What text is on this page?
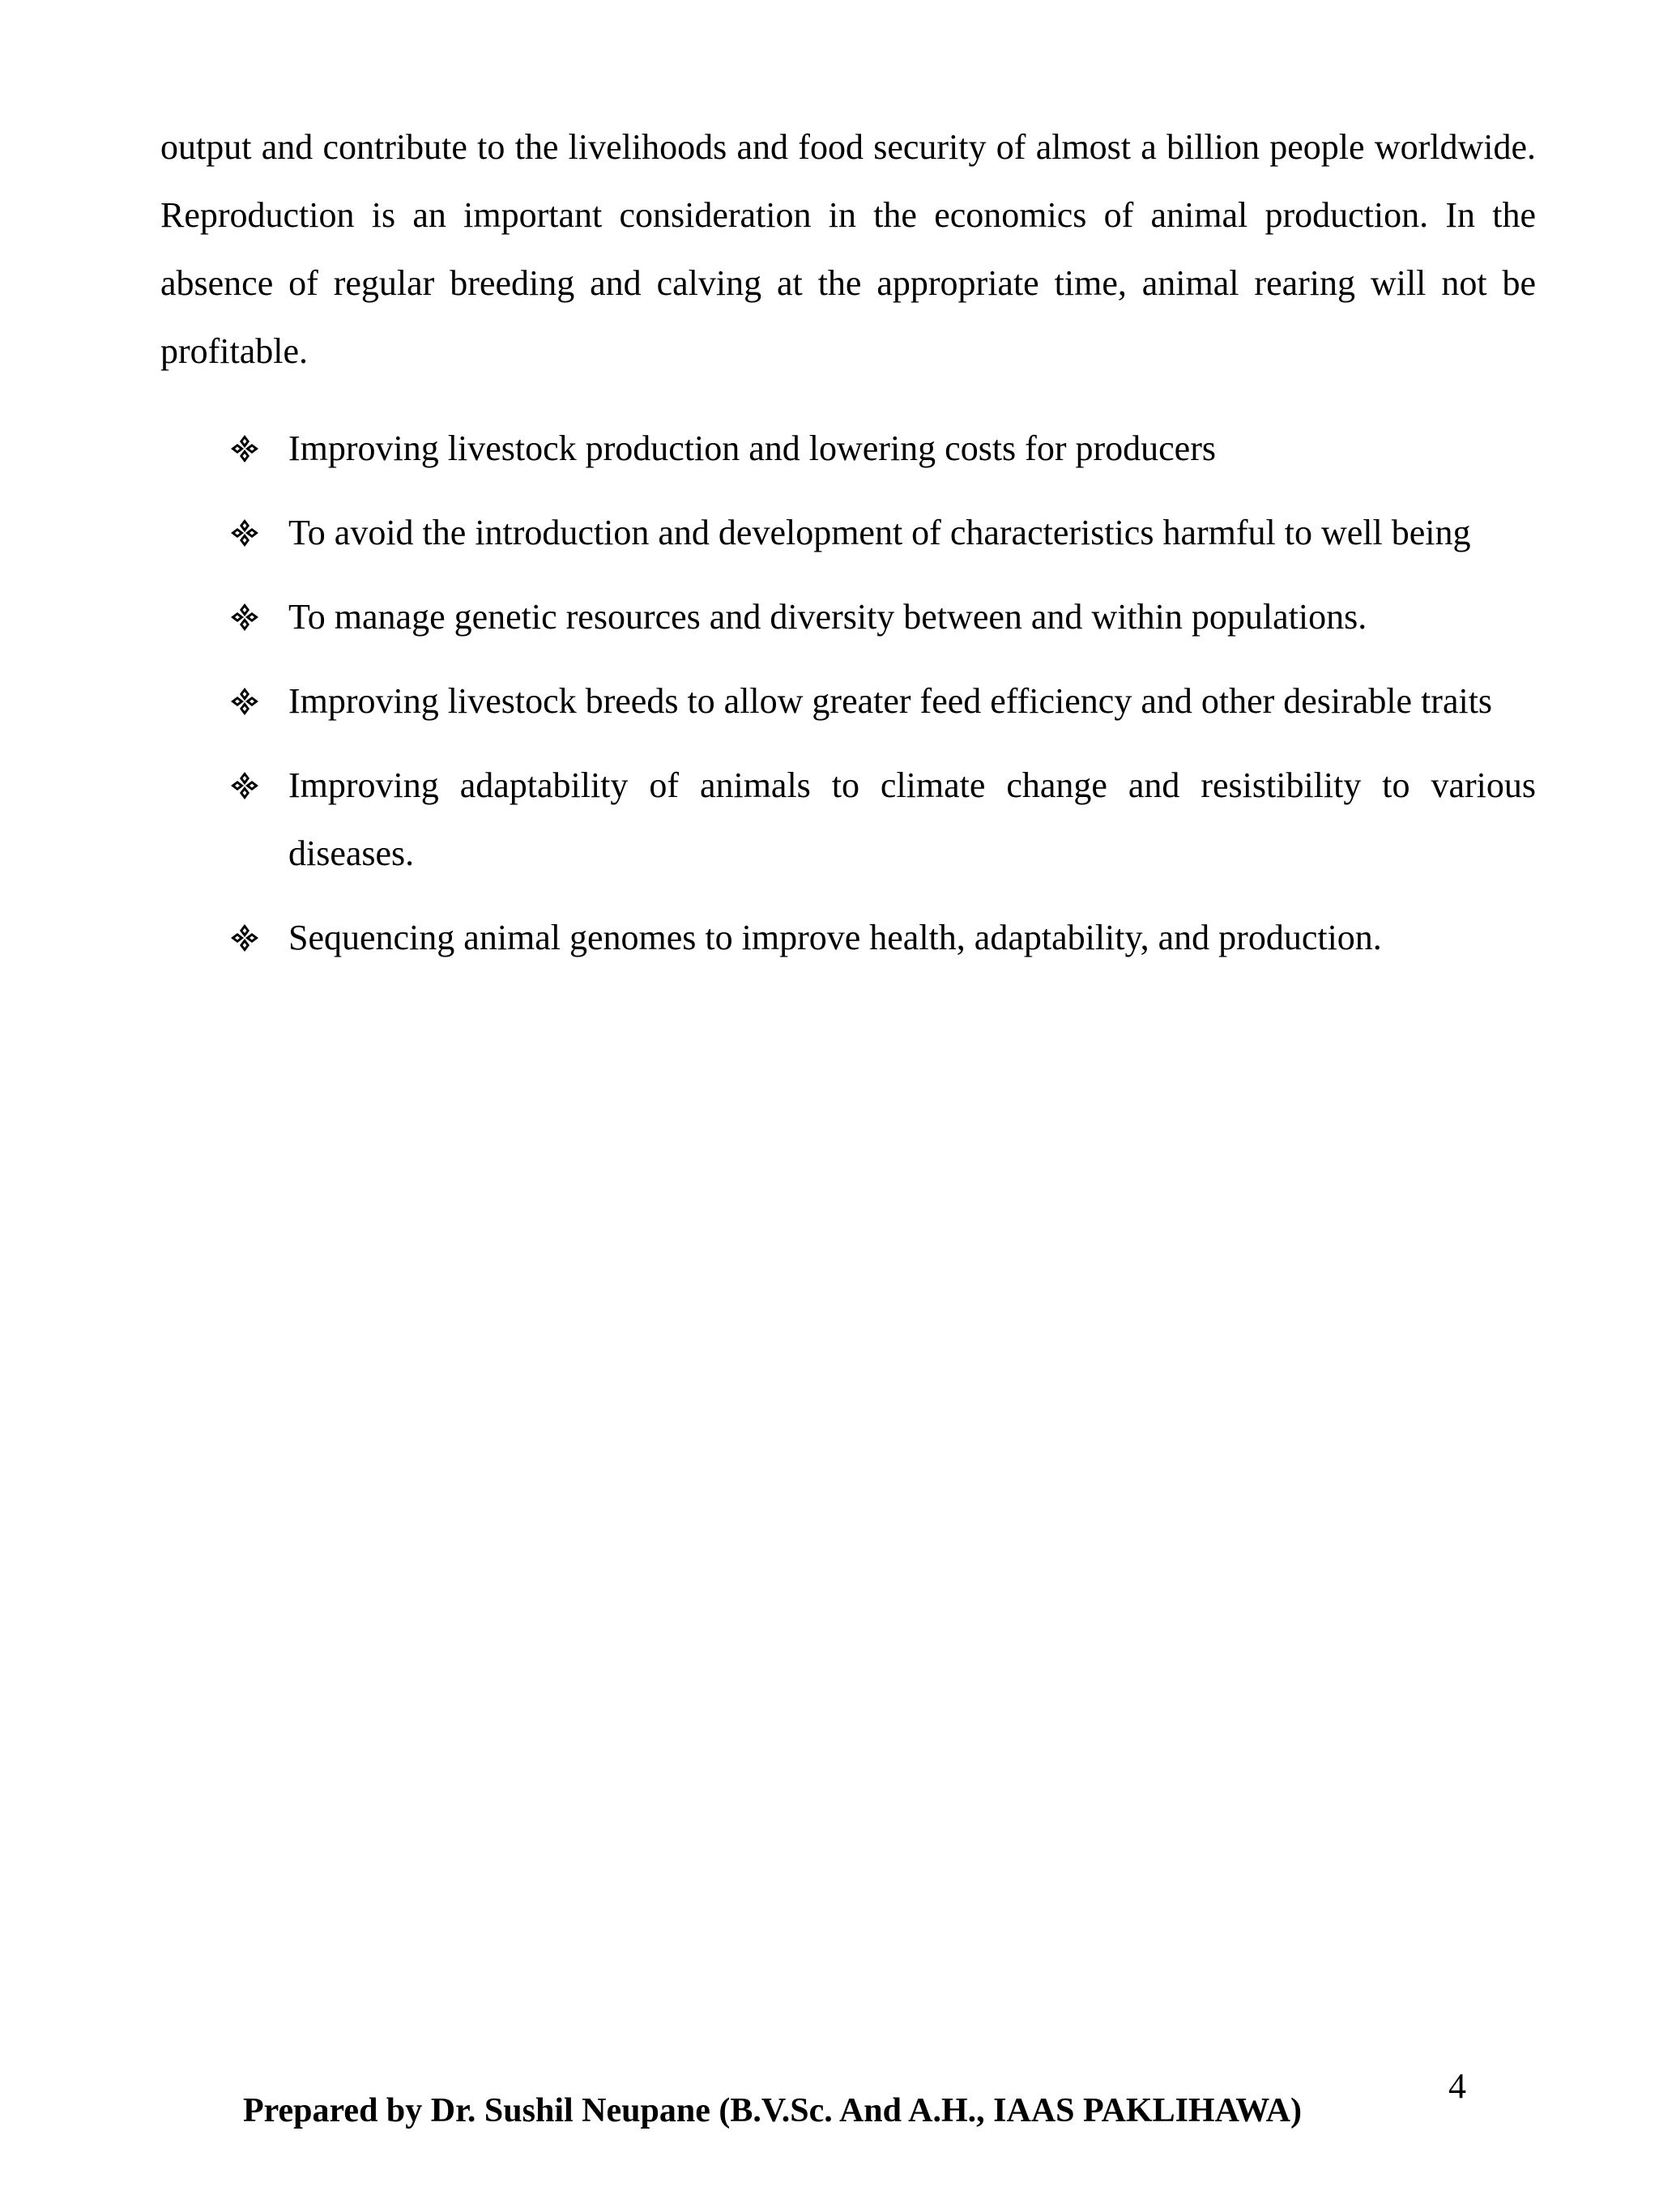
output and contribute to the livelihoods and food security of almost a billion people worldwide. Reproduction is an important consideration in the economics of animal production. In the absence of regular breeding and calving at the appropriate time, animal rearing will not be profitable.

Improving livestock production and lowering costs for producers
To avoid the introduction and development of characteristics harmful to well being
To manage genetic resources and diversity between and within populations.
Improving livestock breeds to allow greater feed efficiency and other desirable traits
Improving adaptability of animals to climate change and resistibility to various diseases.
Sequencing animal genomes to improve health, adaptability, and production.
Prepared by Dr. Sushil Neupane (B.V.Sc. And A.H., IAAS PAKLIHAWA)
4
